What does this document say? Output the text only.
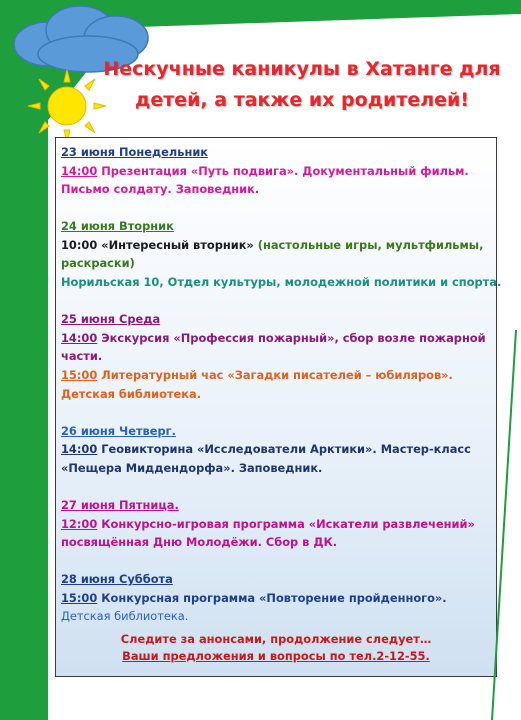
Нескучные каникулы в Хатанге для
детей, а также их родителей!
23 июня Понедельник
14:00 Презентация «Путь подвига». Документальный фильм.
Письмо солдату. Заповедник.
24 июня Вторник
10:00 «Интересный вторник» (настольные игры, мультфильмы,
раскраски)
Норильская 10, Отдел культуры, молодежной политики и спорта.
25 июня Среда
14:00 Экскурсия «Профессия пожарный», сбор возле пожарной
части.
15:00 Литературный час «Загадки писателей – юбиляров».
Детская библиотека.
26 июня Четверг.
14:00 Геовикторина «Исследователи Арктики». Мастер-класс
«Пещера Миддендорфа». Заповедник.
27 июня Пятница.
12:00 Конкурсно-игровая программа «Искатели развлечений»
посвящённая Дню Молодёжи. Сбор в ДК.
28 июня Суббота
15:00 Конкурсная программа «Повторение пройденного».
Детская библиотека.
Следите за анонсами, продолжение следует…
Ваши предложения и вопросы по тел.2-12-55.
